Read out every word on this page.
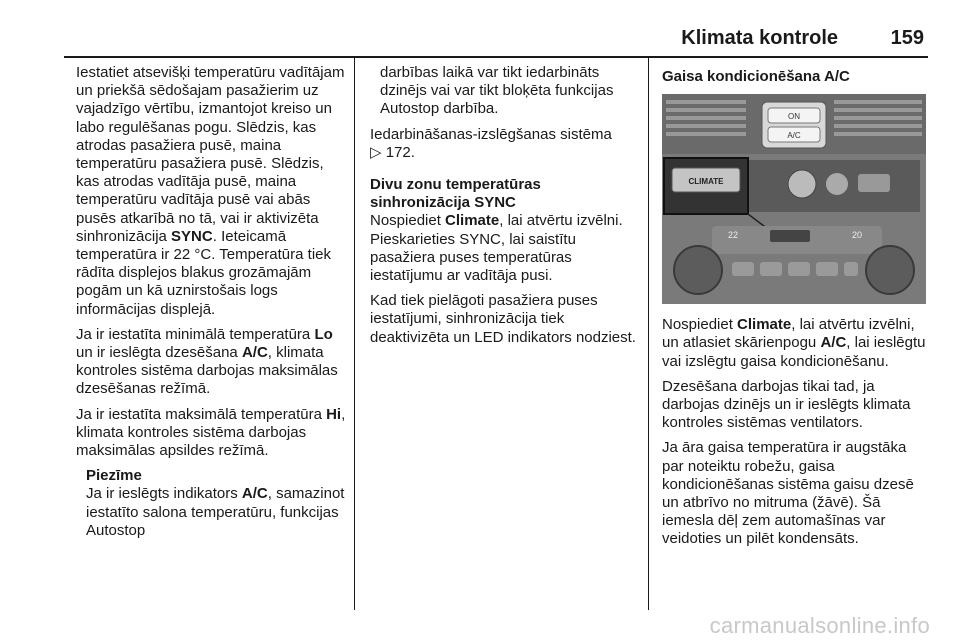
Klimata kontrole	159

Iestatiet atsevišķi temperatūru vadītājam un priekšā sēdošajam pasažierim uz vajadzīgo vērtību, izmantojot kreiso un labo regulēšanas pogu. Slēdzis, kas atrodas pasažiera pusē, maina temperatūru pasažiera pusē. Slēdzis, kas atrodas vadītāja pusē, maina temperatūru vadītāja pusē vai abās pusēs atkarībā no tā, vai ir aktivizēta sinhronizācija SYNC. Ieteicamā temperatūra ir 22 °C. Temperatūra tiek rādīta displejos blakus grozāmajām pogām un kā uznirstošais logs informācijas displejā.

Ja ir iestatīta minimālā temperatūra Lo un ir ieslēgta dzesēšana A/C, klimata kontroles sistēma darbojas maksimālas dzesēšanas režīmā.

Ja ir iestatīta maksimālā temperatūra Hi, klimata kontroles sistēma darbojas maksimālas apsildes režīmā.

Piezīme
Ja ir ieslēgts indikators A/C, samazinot iestatīto salona temperatūru, funkcijas Autostop
darbības laikā var tikt iedarbināts dzinējs vai var tikt bloķēta funkcijas Autostop darbība.

Iedarbināšanas-izslēgšanas sistēma
▷ 172.

Divu zonu temperatūras sinhronizācija SYNC

Nospiediet Climate, lai atvērtu izvēlni. Pieskarieties SYNC, lai saistītu pasažiera puses temperatūras iestatījumu ar vadītāja pusi.

Kad tiek pielāgoti pasažiera puses iestatījumi, sinhronizācija tiek deaktivizēta un LED indikators nodziest.

Gaisa kondicionēšana A/C

ON
A/C
CLIMATE
22	20

Nospiediet Climate, lai atvērtu izvēlni, un atlasiet skārienpogu A/C, lai ieslēgtu vai izslēgtu gaisa kondicionēšanu.

Dzesēšana darbojas tikai tad, ja darbojas dzinējs un ir ieslēgts klimata kontroles sistēmas ventilators.

Ja āra gaisa temperatūra ir augstāka par noteiktu robežu, gaisa kondicionēšanas sistēma gaisu dzesē un atbrīvo no mitruma (žāvē). Šā iemesla dēļ zem automašīnas var veidoties un pilēt kondensāts.

carmanualsonline.info
